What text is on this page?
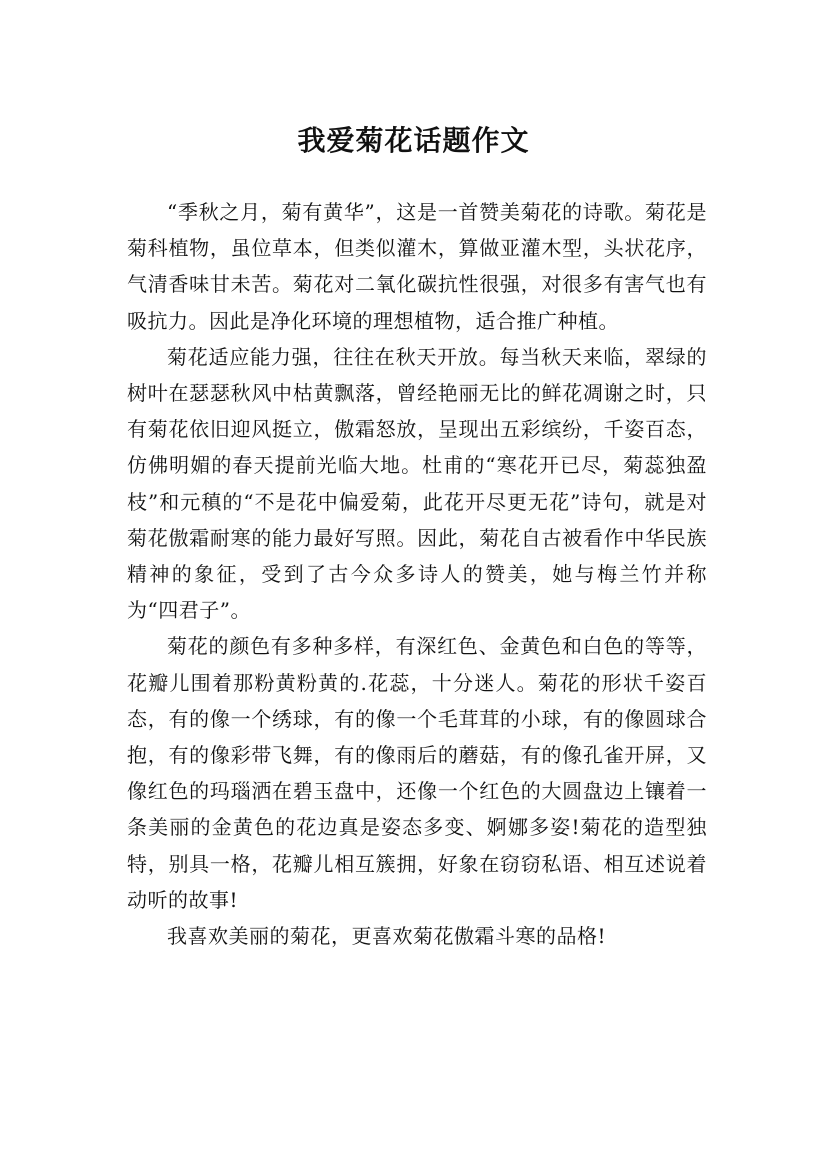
我爱菊花话题作文

“季秋之月，菊有黄华”，这是一首赞美菊花的诗歌。菊花是菊科植物，虽位草本，但类似灌木，算做亚灌木型，头状花序，气清香味甘未苦。菊花对二氧化碳抗性很强，对很多有害气也有吸抗力。因此是净化环境的理想植物，适合推广种植。

菊花适应能力强，往往在秋天开放。每当秋天来临，翠绿的树叶在瑟瑟秋风中枯黄飘落，曾经艳丽无比的鲜花凋谢之时，只有菊花依旧迎风挺立，傲霜怒放，呈现出五彩缤纷，千姿百态，仿佛明媚的春天提前光临大地。杜甫的“寒花开已尽，菊蕊独盈枝”和元稹的“不是花中偏爱菊，此花开尽更无花”诗句，就是对菊花傲霜耐寒的能力最好写照。因此，菊花自古被看作中华民族精神的象征，受到了古今众多诗人的赞美，她与梅兰竹并称为“四君子”。

菊花的颜色有多种多样，有深红色、金黄色和白色的等等，花瓣儿围着那粉黄粉黄的.花蕊，十分迷人。菊花的形状千姿百态，有的像一个绣球，有的像一个毛茸茸的小球，有的像圆球合抱，有的像彩带飞舞，有的像雨后的蘑菇，有的像孔雀开屏，又像红色的玛瑙洒在碧玉盘中，还像一个红色的大圆盘边上镶着一条美丽的金黄色的花边真是姿态多变、婀娜多姿!菊花的造型独特，别具一格，花瓣儿相互簇拥，好象在窃窃私语、相互述说着动听的故事!

我喜欢美丽的菊花，更喜欢菊花傲霜斗寒的品格!
